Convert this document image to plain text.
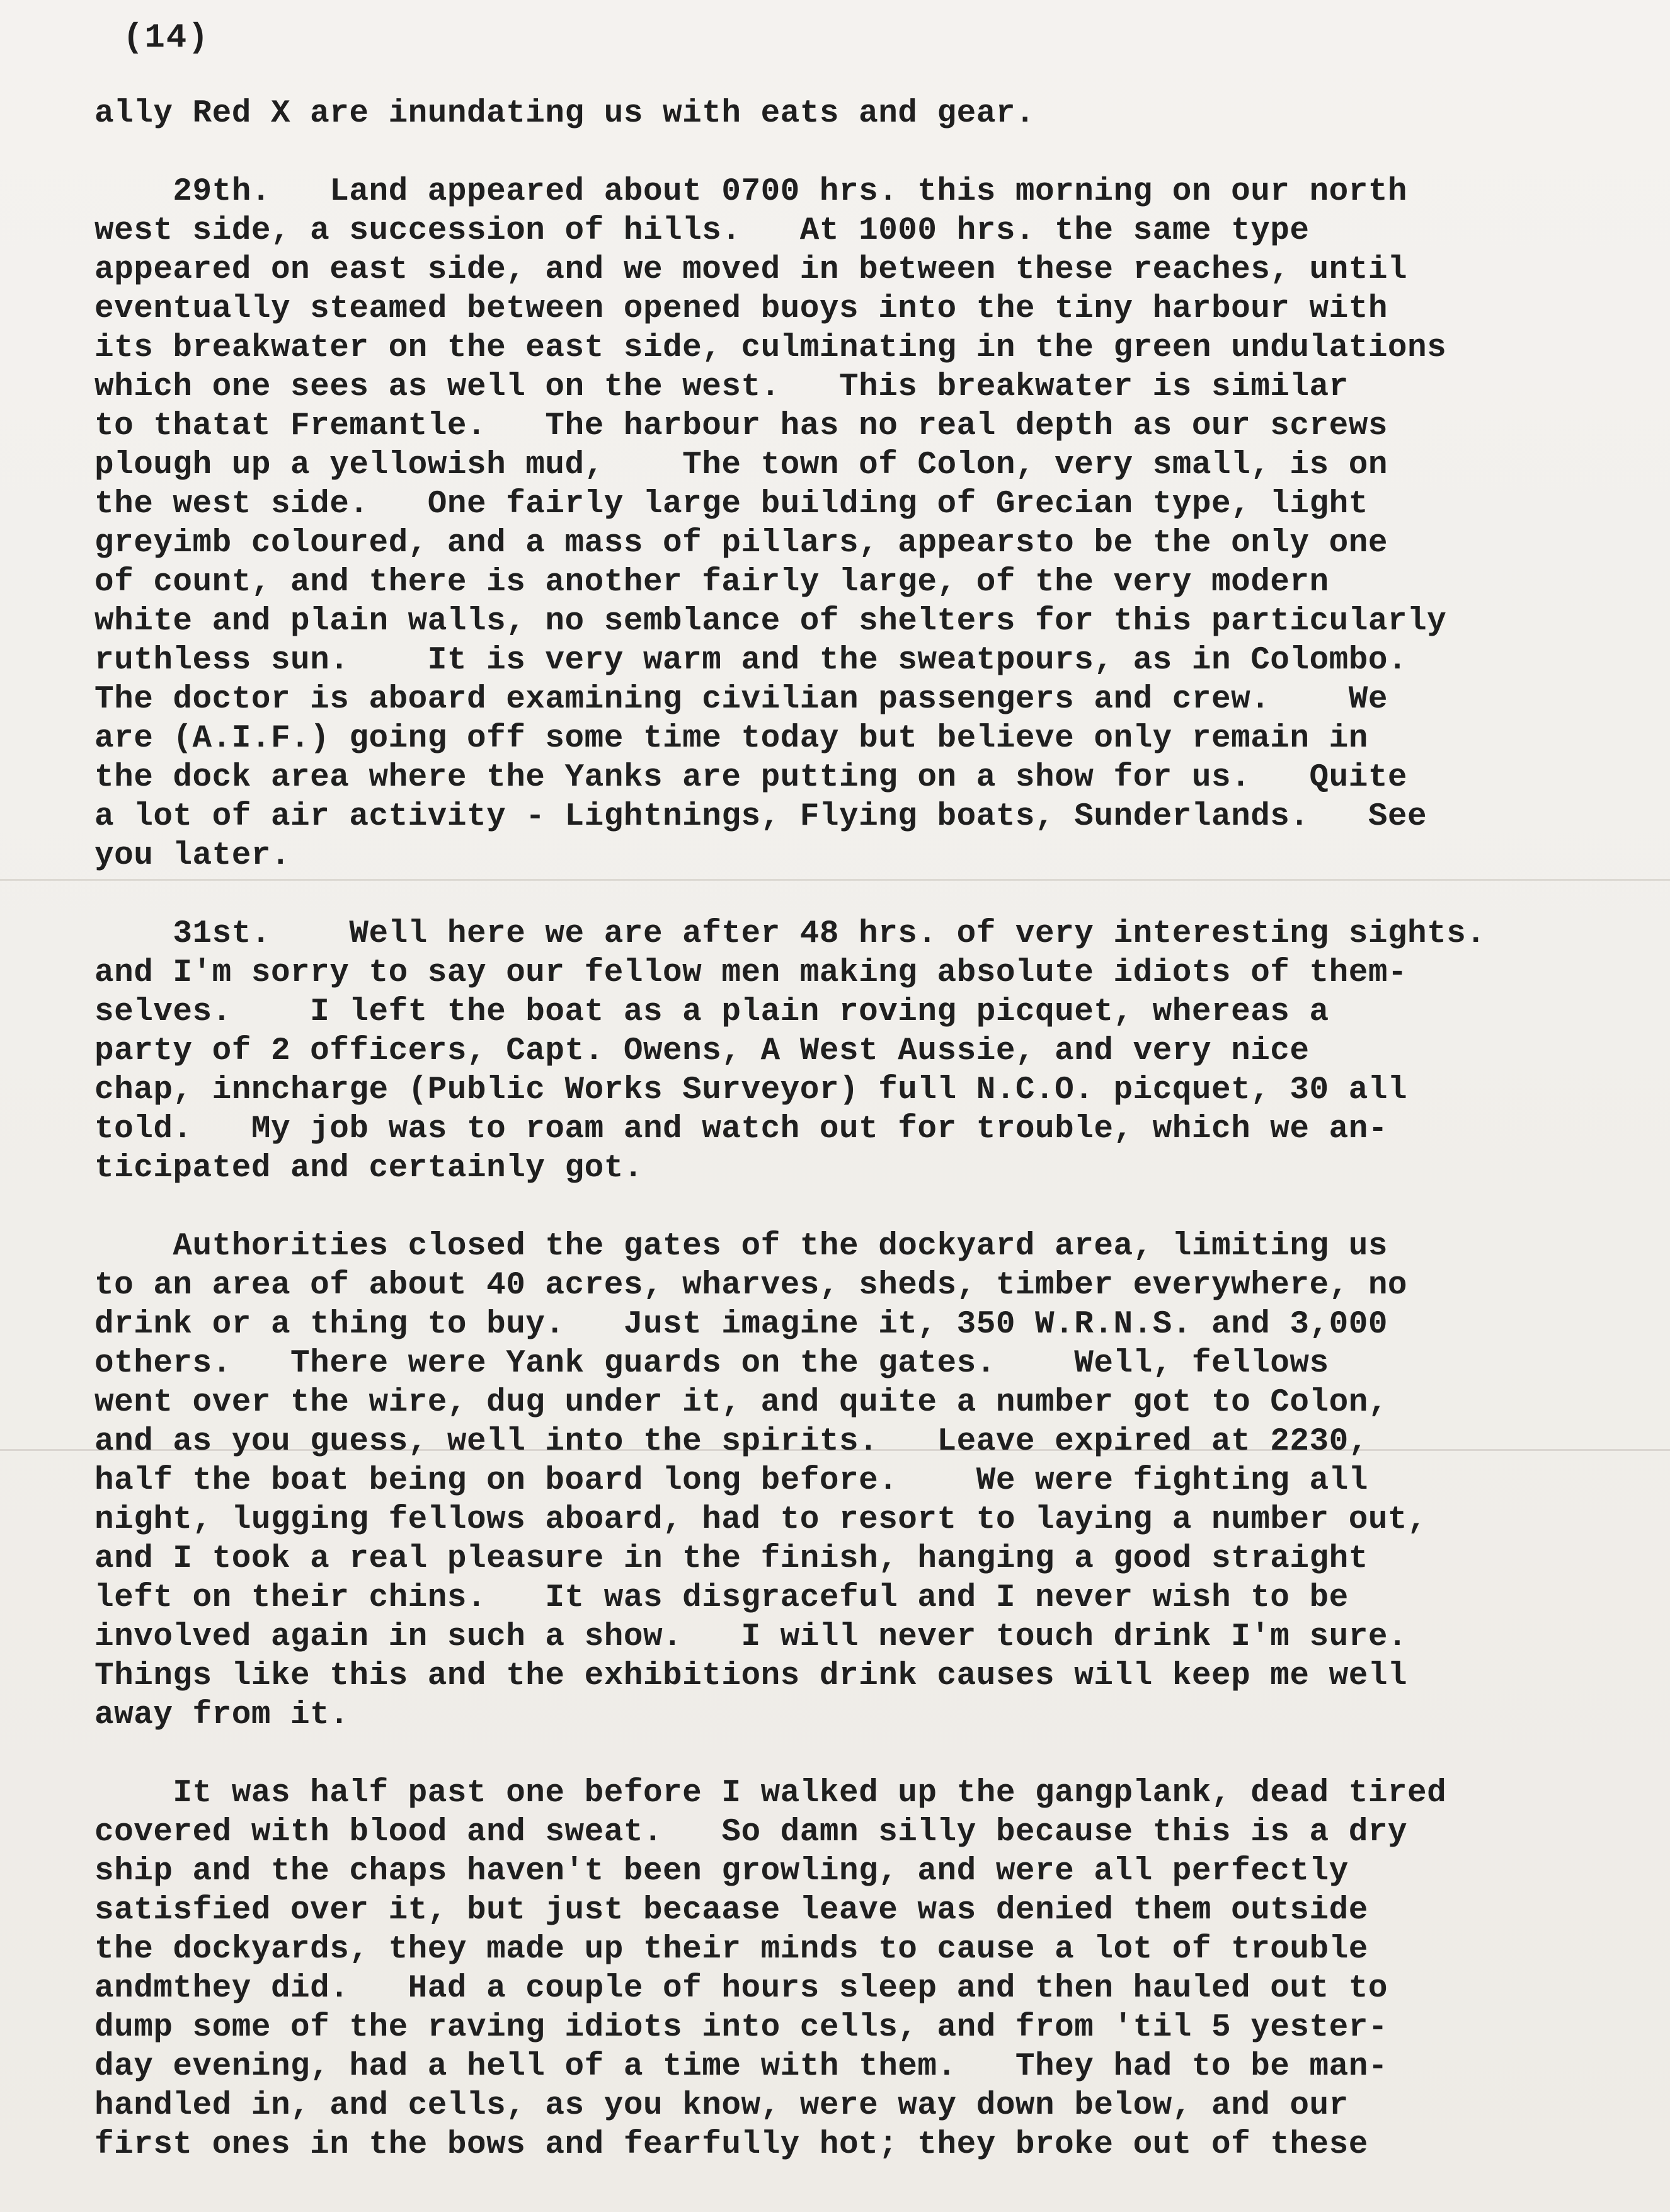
(14)
ally Red X are inundating us with eats and gear.
29th.   Land appeared about 0700 hrs. this morning on our north
west side, a succession of hills.   At 1000 hrs. the same type
appeared on east side, and we moved in between these reaches, until
eventually steamed between opened buoys into the tiny harbour with
its breakwater on the east side, culminating in the green undulations
which one sees as well on the west.   This breakwater is similar
to thatat Fremantle.   The harbour has no real depth as our screws
plough up a yellowish mud,    The town of Colon, very small, is on
the west side.   One fairly large building of Grecian type, light
greyimb coloured, and a mass of pillars, appearsto be the only one
of count, and there is another fairly large, of the very modern
white and plain walls, no semblance of shelters for this particularly
ruthless sun.    It is very warm and the sweatpours, as in Colombo.
The doctor is aboard examining civilian passengers and crew.    We
are (A.I.F.) going off some time today but believe only remain in
the dock area where the Yanks are putting on a show for us.   Quite
a lot of air activity - Lightnings, Flying boats, Sunderlands.   See
you later.
31st.    Well here we are after 48 hrs. of very interesting sights.
and I'm sorry to say our fellow men making absolute idiots of them-
selves.    I left the boat as a plain roving picquet, whereas a
party of 2 officers, Capt. Owens, A West Aussie, and very nice
chap, inncharge (Public Works Surveyor) full N.C.O. picquet, 30 all
told.   My job was to roam and watch out for trouble, which we an-
ticipated and certainly got.
Authorities closed the gates of the dockyard area, limiting us
to an area of about 40 acres, wharves, sheds, timber everywhere, no
drink or a thing to buy.   Just imagine it, 350 W.R.N.S. and 3,000
others.   There were Yank guards on the gates.    Well, fellows
went over the wire, dug under it, and quite a number got to Colon,
and as you guess, well into the spirits.   Leave expired at 2230,
half the boat being on board long before.    We were fighting all
night, lugging fellows aboard, had to resort to laying a number out,
and I took a real pleasure in the finish, hanging a good straight
left on their chins.   It was disgraceful and I never wish to be
involved again in such a show.   I will never touch drink I'm sure.
Things like this and the exhibitions drink causes will keep me well
away from it.
It was half past one before I walked up the gangplank, dead tired
covered with blood and sweat.   So damn silly because this is a dry
ship and the chaps haven't been growling, and were all perfectly
satisfied over it, but just becaase leave was denied them outside
the dockyards, they made up their minds to cause a lot of trouble
andmthey did.   Had a couple of hours sleep and then hauled out to
dump some of the raving idiots into cells, and from 'til 5 yester-
day evening, had a hell of a time with them.   They had to be man-
handled in, and cells, as you know, were way down below, and our
first ones in the bows and fearfully hot; they broke out of these
